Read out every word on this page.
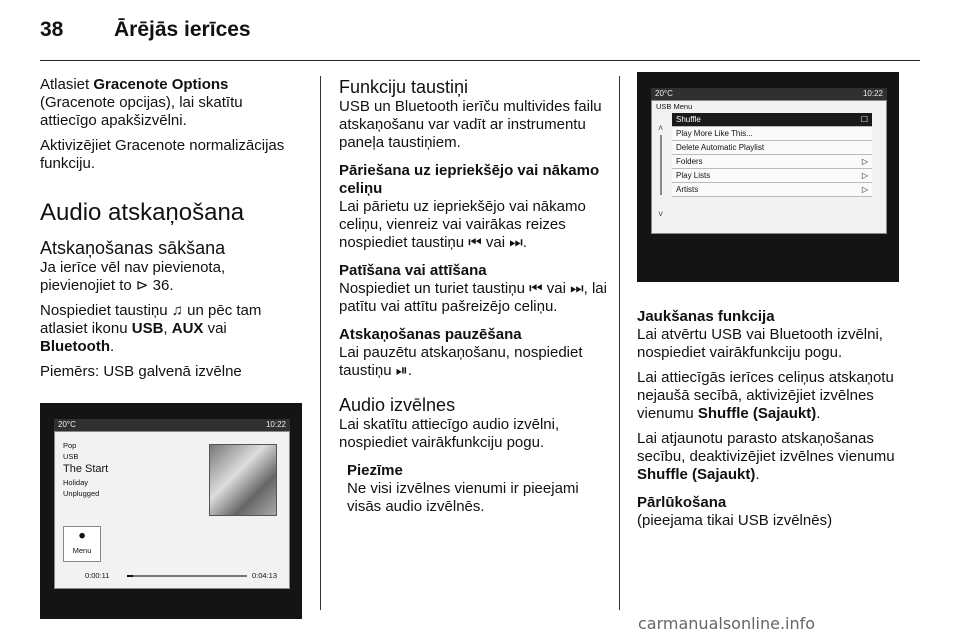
38 Ārējās ierīces

Atlasiet Gracenote Options
(Gracenote opcijas), lai skatītu attiecīgo apakšizvēlni.

Aktivizējiet Gracenote normalizācijas funkciju.

Audio atskaņošana
Atskaņošanas sākšana

Ja ierīce vēl nav pievienota, pievienojiet to ⊳ 36.

Nospiediet taustiņu ♫ un pēc tam atlasiet ikonu USB, AUX vai Bluetooth.

Piemērs: USB galvenā izvēlne

20°C	10:22
Pop
USB
The Start
Holiday
Unplugged
⚫
Menu
0:00:11	0:04:13
Funkciju taustiņi

USB un Bluetooth ierīču multivides failu atskaņošanu var vadīt ar instrumentu paneļa taustiņiem.

Pāriešana uz iepriekšējo vai nākamo celiņu

Lai pārietu uz iepriekšējo vai nākamo celiņu, vienreiz vai vairākas reizes nospiediet taustiņu ⏮ vai ⏭.

Patīšana vai attīšana

Nospiediet un turiet taustiņu ⏮ vai ⏭, lai patītu vai attītu pašreizējo celiņu.

Atskaņošanas pauzēšana

Lai pauzētu atskaņošanu, nospiediet taustiņu ⏯.

Audio izvēlnes

Lai skatītu attiecīgo audio izvēlni, nospiediet vairākfunkciju pogu.

Piezīme
Ne visi izvēlnes vienumi ir pieejami visās audio izvēlnēs.
20°C	10:22
USB Menu
˄
˅
Shuffle	☐
Play More Like This...
Delete Automatic Playlist
Folders	▷
Play Lists	▷
Artists	▷

Jaukšanas funkcija

Lai atvērtu USB vai Bluetooth izvēlni, nospiediet vairākfunkciju pogu.

Lai attiecīgās ierīces celiņus atskaņotu nejaušā secībā, aktivizējiet izvēlnes vienumu Shuffle (Sajaukt).

Lai atjaunotu parasto atskaņošanas secību, deaktivizējiet izvēlnes vienumu Shuffle (Sajaukt).

Pārlūkošana

(pieejama tikai USB izvēlnēs)

carmanualsonline.info
